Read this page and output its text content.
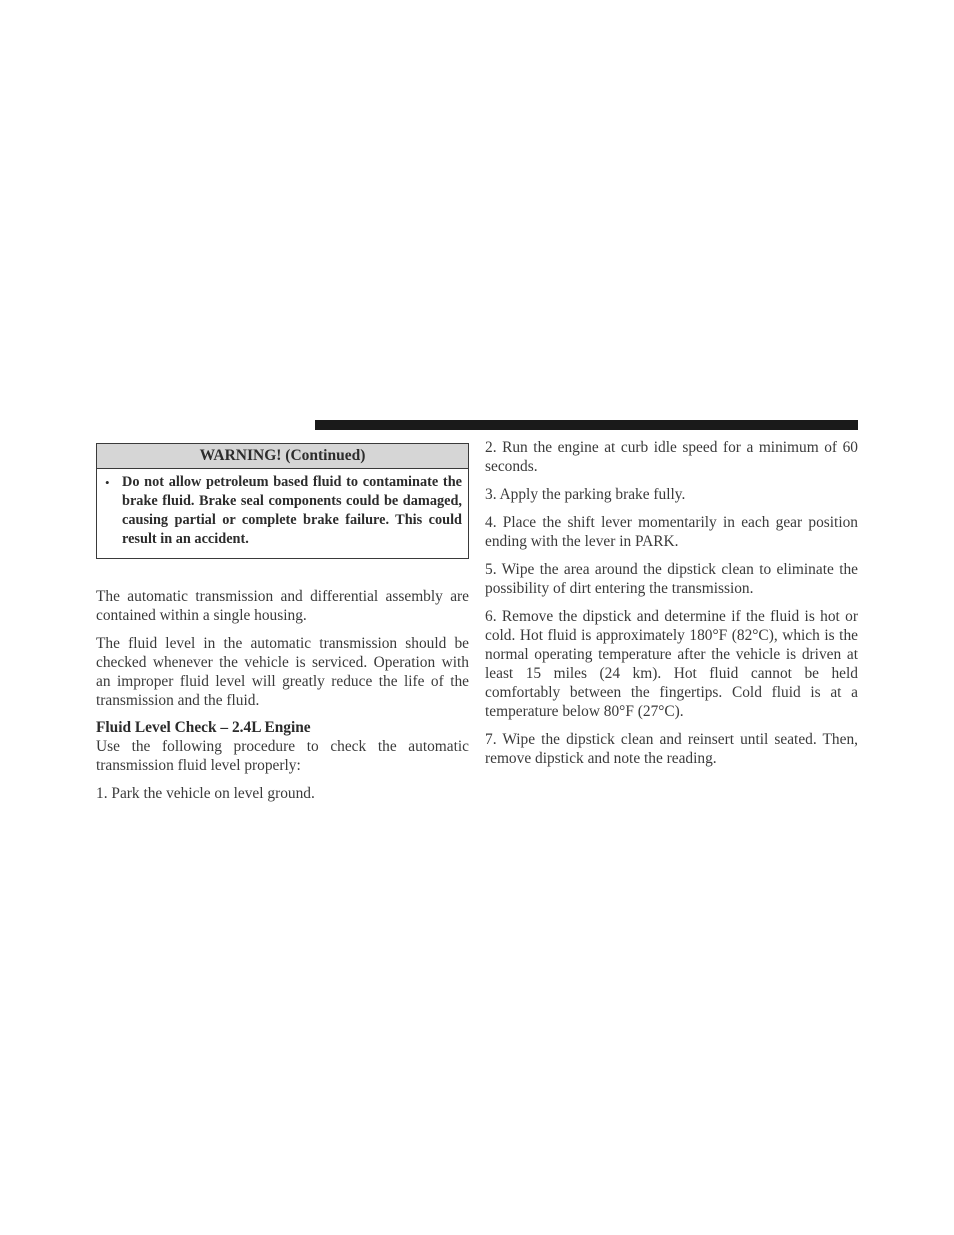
WARNING! (Continued)
• Do not allow petroleum based fluid to contaminate the brake fluid. Brake seal components could be damaged, causing partial or complete brake failure. This could result in an accident.

The automatic transmission and differential assembly are contained within a single housing.

The fluid level in the automatic transmission should be checked whenever the vehicle is serviced. Operation with an improper fluid level will greatly reduce the life of the transmission and the fluid.

Fluid Level Check – 2.4L Engine

Use the following procedure to check the automatic transmission fluid level properly:

1. Park the vehicle on level ground.

2. Run the engine at curb idle speed for a minimum of 60 seconds.

3. Apply the parking brake fully.

4. Place the shift lever momentarily in each gear position ending with the lever in PARK.

5. Wipe the area around the dipstick clean to eliminate the possibility of dirt entering the transmission.

6. Remove the dipstick and determine if the fluid is hot or cold. Hot fluid is approximately 180°F (82°C), which is the normal operating temperature after the vehicle is driven at least 15 miles (24 km). Hot fluid cannot be held comfortably between the fingertips. Cold fluid is at a temperature below 80°F (27°C).

7. Wipe the dipstick clean and reinsert until seated. Then, remove dipstick and note the reading.
